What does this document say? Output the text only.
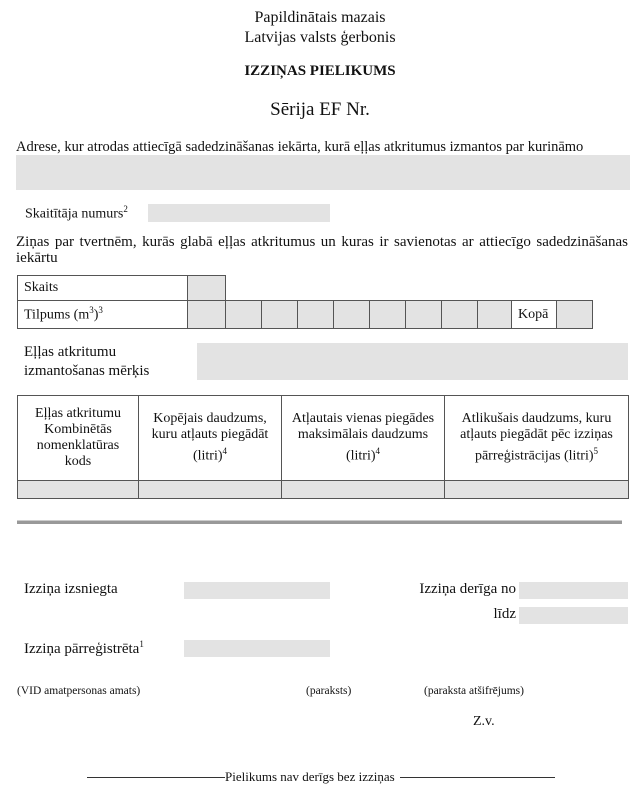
Papildinātais mazais
Latvijas valsts ģerbonis
IZZIŅAS PIELIKUMS
Sērija EF Nr.
Adrese, kur atrodas attiecīgā sadedzināšanas iekārta, kurā eļļas atkritumus izmantos par kurināmo
Skaitītāja numurs$^2$
Ziņas par tvertnēm, kurās glabā eļļas atkritumus un kuras ir savienotas ar attiecīgo sadedzināšanas iekārtu
Skaits	
Tilpums $(m^3)^3$										Kopā	
Eļļas atkritumu
izmantošanas mērķis
Eļļas atkritumu Kombinētās nomenklatūras kods	Kopējais daudzums, kuru atļauts piegādāt (litri)$^4$	Atļautais vienas piegādes maksimālais daudzums (litri)$^4$	Atlikušais daudzums, kuru atļauts piegādāt pēc izziņas pārreģistrācijas (litri)$^5$

Izziņa izsniegta	Izziņa derīga no
līdz
Izziņa pārreģistrēta$^1$
(VID amatpersonas amats)	(paraksts)	(paraksta atšifrējums)
Z.v.
Pielikums nav derīgs bez izziņas
